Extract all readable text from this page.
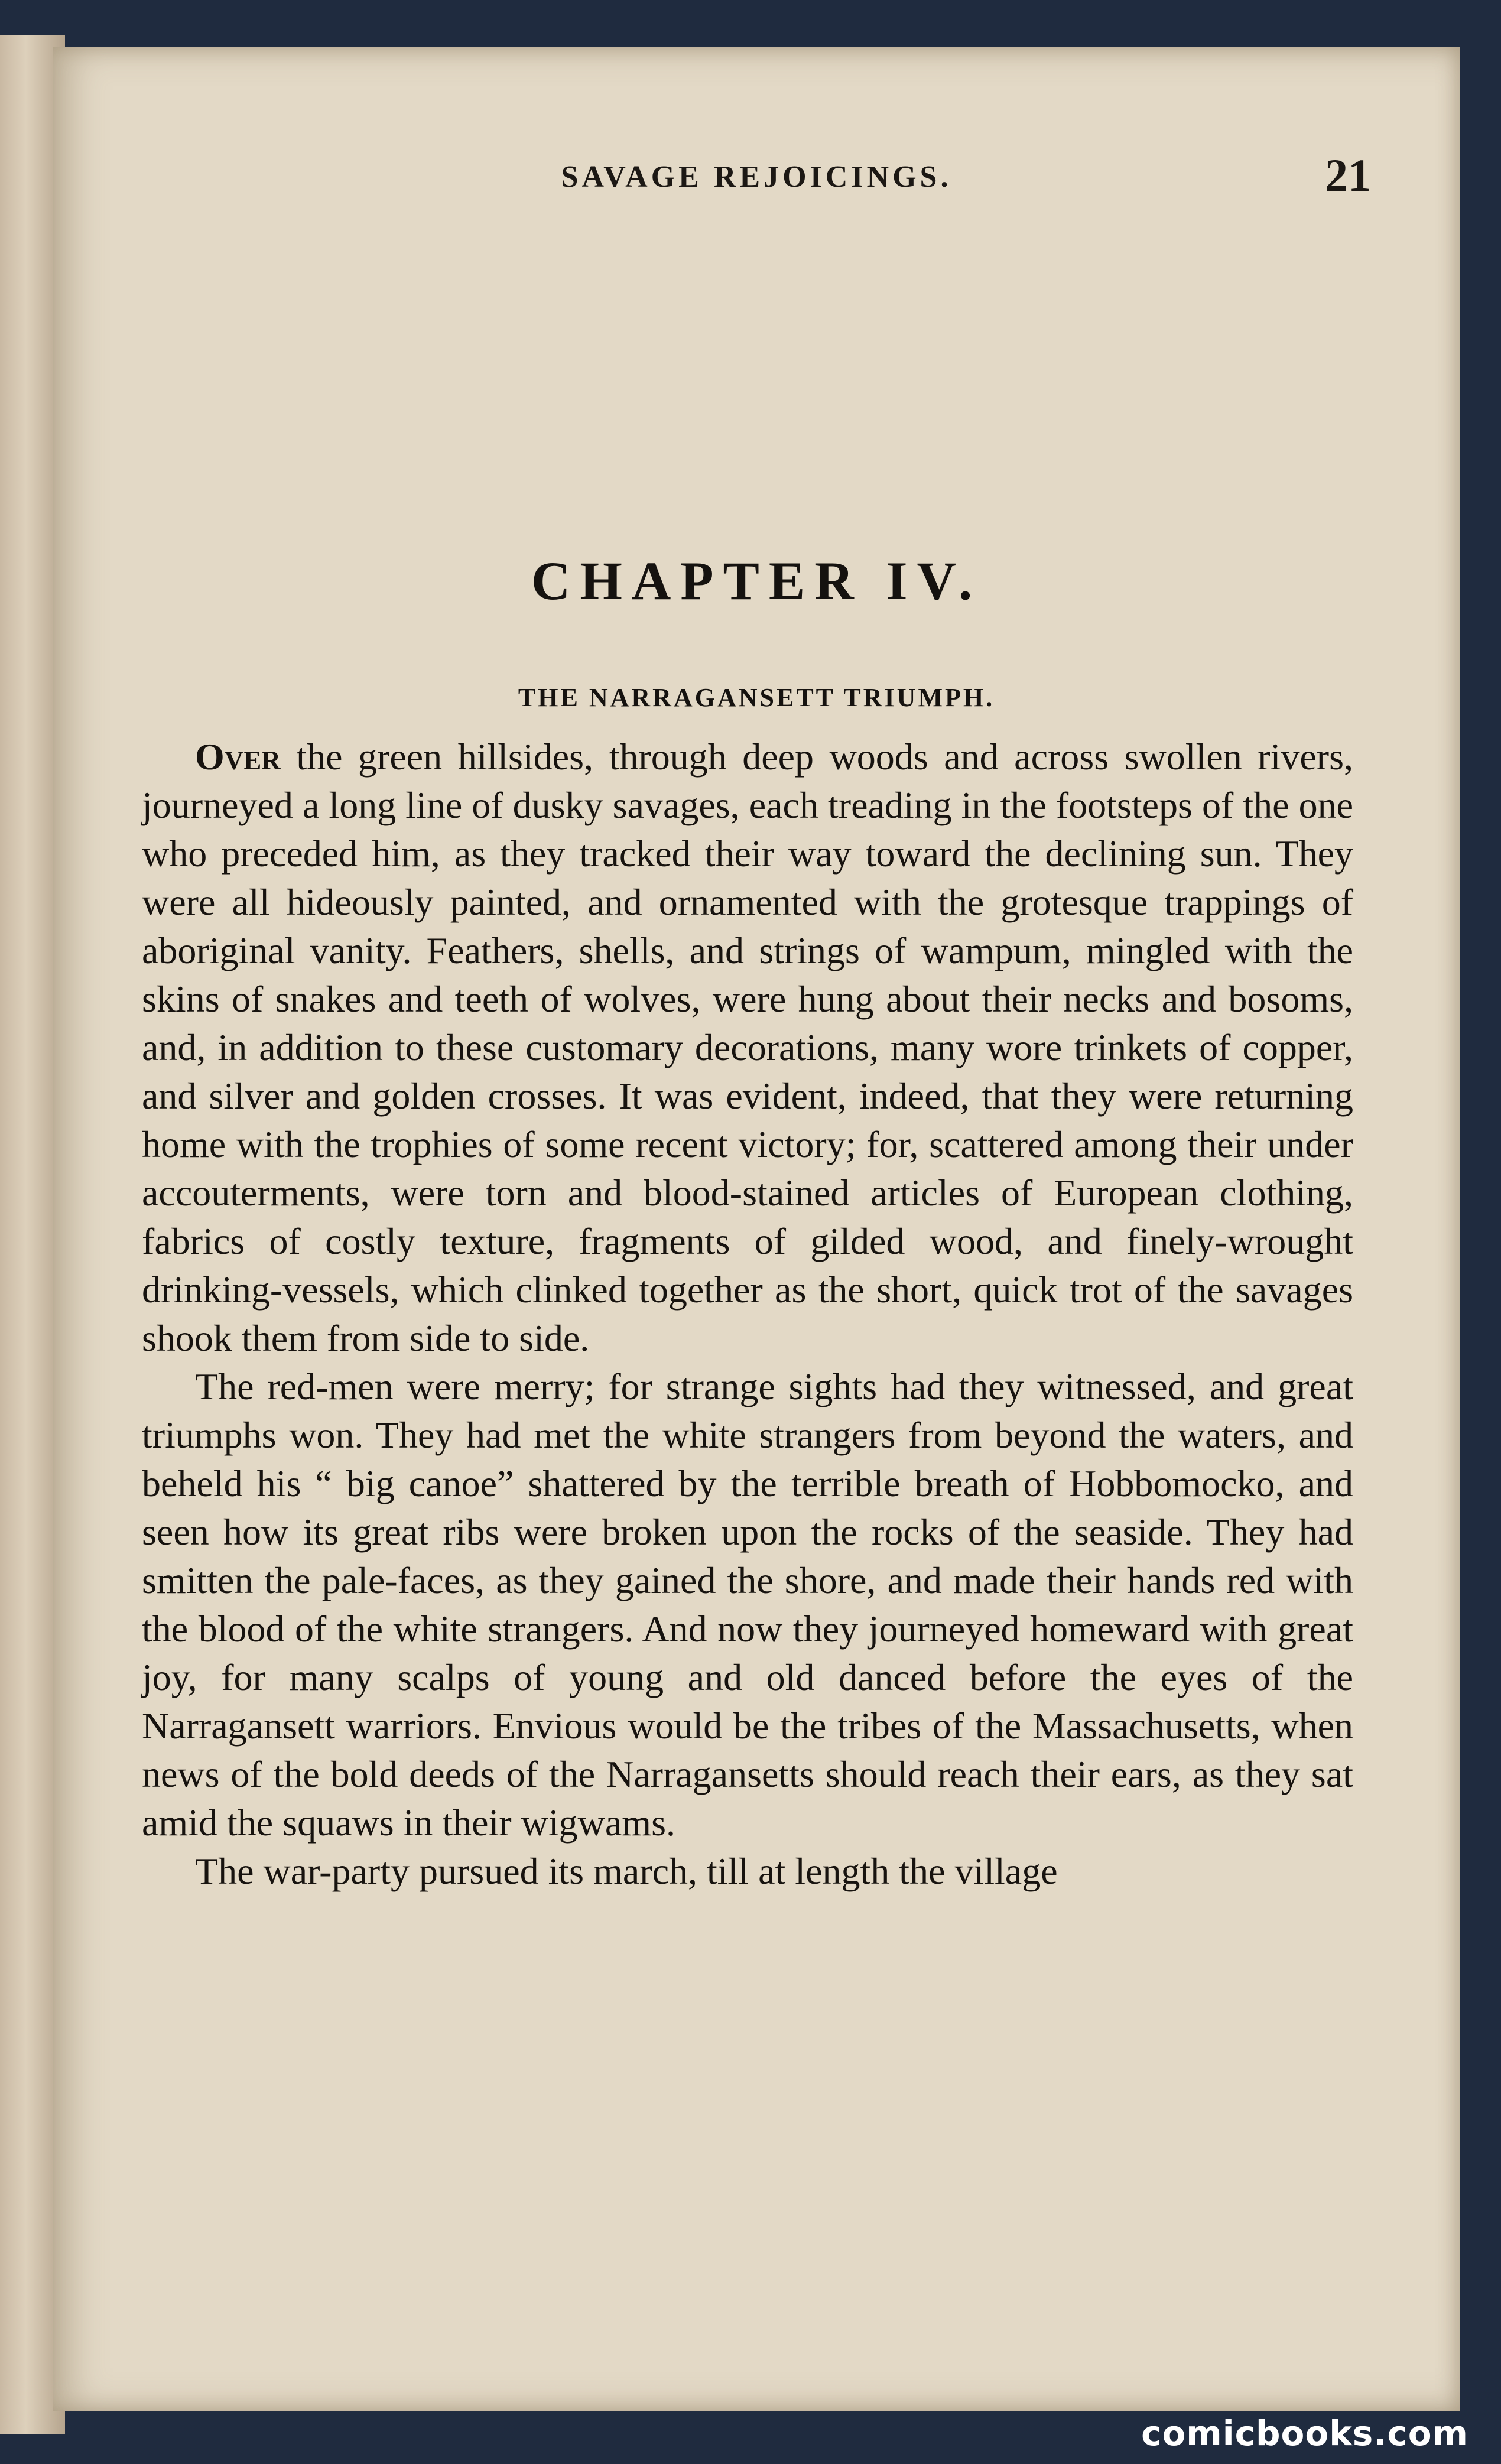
SAVAGE REJOICINGS.	21
CHAPTER IV.
THE NARRAGANSETT TRIUMPH.

Over the green hillsides, through deep woods and across swollen rivers, journeyed a long line of dusky savages, each treading in the footsteps of the one who preceded him, as they tracked their way toward the declining sun. They were all hideously painted, and ornamented with the grotesque trappings of aboriginal vanity. Feathers, shells, and strings of wampum, mingled with the skins of snakes and teeth of wolves, were hung about their necks and bosoms, and, in addition to these customary decorations, many wore trinkets of copper, and silver and golden crosses. It was evident, indeed, that they were returning home with the trophies of some recent victory; for, scattered among their under accouterments, were torn and blood-stained articles of European clothing, fabrics of costly texture, fragments of gilded wood, and finely-wrought drinking-vessels, which clinked together as the short, quick trot of the savages shook them from side to side.

The red-men were merry; for strange sights had they witnessed, and great triumphs won. They had met the white strangers from beyond the waters, and beheld his “ big canoe” shattered by the terrible breath of Hobbomocko, and seen how its great ribs were broken upon the rocks of the seaside. They had smitten the pale-faces, as they gained the shore, and made their hands red with the blood of the white strangers. And now they journeyed homeward with great joy, for many scalps of young and old danced before the eyes of the Narragansett warriors. Envious would be the tribes of the Massachusetts, when news of the bold deeds of the Narragansetts should reach their ears, as they sat amid the squaws in their wigwams.

The war-party pursued its march, till at length the village

comicbooks.com
